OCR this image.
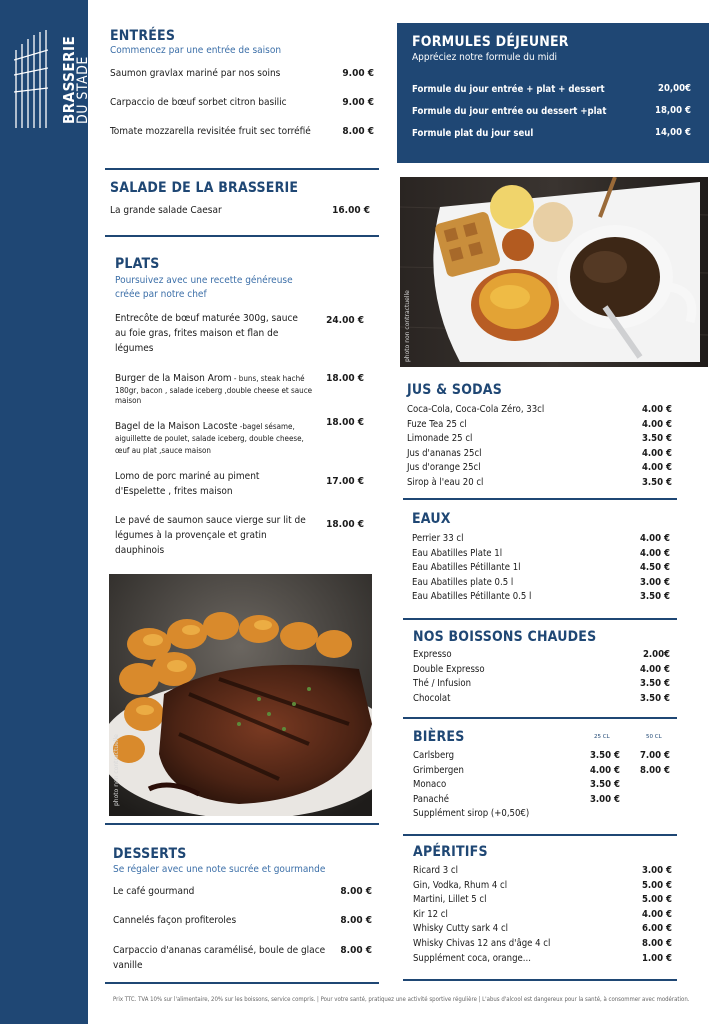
BRASSERIE
DU STADE
ENTRÉES
Commencez par une entrée de saison
Saumon gravlax mariné par nos soins	9.00 €
Carpaccio de bœuf sorbet citron basilic	9.00 €
Tomate mozzarella revisitée fruit sec torréfié	8.00 €
SALADE DE LA BRASSERIE
La grande salade Caesar	16.00 €
PLATS
Poursuivez avec une recette généreuse
créée par notre chef
Entrecôte de bœuf maturée 300g, sauce
au foie gras, frites maison et flan de
légumes
24.00 €
Burger de la Maison Arom - buns, steak haché
180gr, bacon , salade iceberg ,double cheese et sauce
maison
18.00 €
Bagel de la Maison Lacoste -bagel sésame,
aiguillette de poulet, salade iceberg, double cheese,
œuf au plat ,sauce maison
18.00 €
Lomo de porc mariné au piment
d'Espelette , frites maison
17.00 €
Le pavé de saumon sauce vierge sur lit de
légumes à la provençale et gratin
dauphinois
18.00 €
photo non contractuelle
DESSERTS
Se régaler avec une note sucrée et gourmande
Le café gourmand	8.00 €
Cannelés façon profiteroles	8.00 €
Carpaccio d'ananas caramélisé, boule de glace
vanille
8.00 €
FORMULES DÉJEUNER
Appréciez notre formule du midi
Formule du jour entrée + plat + dessert	20,00€
Formule du jour entrée ou dessert +plat	18,00 €
Formule plat du jour seul	14,00 €
photo non contractuelle
JUS & SODAS
Coca-Cola, Coca-Cola Zéro, 33cl	4.00 €
Fuze Tea 25 cl	4.00 €
Limonade 25 cl	3.50 €
Jus d'ananas 25cl	4.00 €
Jus d'orange 25cl	4.00 €
Sirop à l'eau 20 cl	3.50 €
EAUX
Perrier 33 cl	4.00 €
Eau Abatilles Plate 1l	4.00 €
Eau Abatilles Pétillante 1l	4.50 €
Eau Abatilles plate 0.5 l	3.00 €
Eau Abatilles Pétillante 0.5 l	3.50 €
NOS BOISSONS CHAUDES
Expresso	2.00€
Double Expresso	4.00 €
Thé / Infusion	3.50 €
Chocolat	3.50 €
BIÈRES	25 CL	50 CL
Carlsberg	3.50 €	7.00 €
Grimbergen	4.00 €	8.00 €
Monaco	3.50 €
Panaché	3.00 €
Supplément sirop (+0,50€)
APÉRITIFS
Ricard 3 cl	3.00 €
Gin, Vodka, Rhum 4 cl	5.00 €
Martini, Lillet 5 cl	5.00 €
Kir 12 cl	4.00 €
Whisky Cutty sark 4 cl	6.00 €
Whisky Chivas 12 ans d'âge 4 cl	8.00 €
Supplément coca, orange...	1.00 €
Prix TTC. TVA 10% sur l'alimentaire, 20% sur les boissons, service compris. | Pour votre santé, pratiquez une activité sportive régulière | L'abus d'alcool est dangereux pour la santé, à consommer avec modération.
